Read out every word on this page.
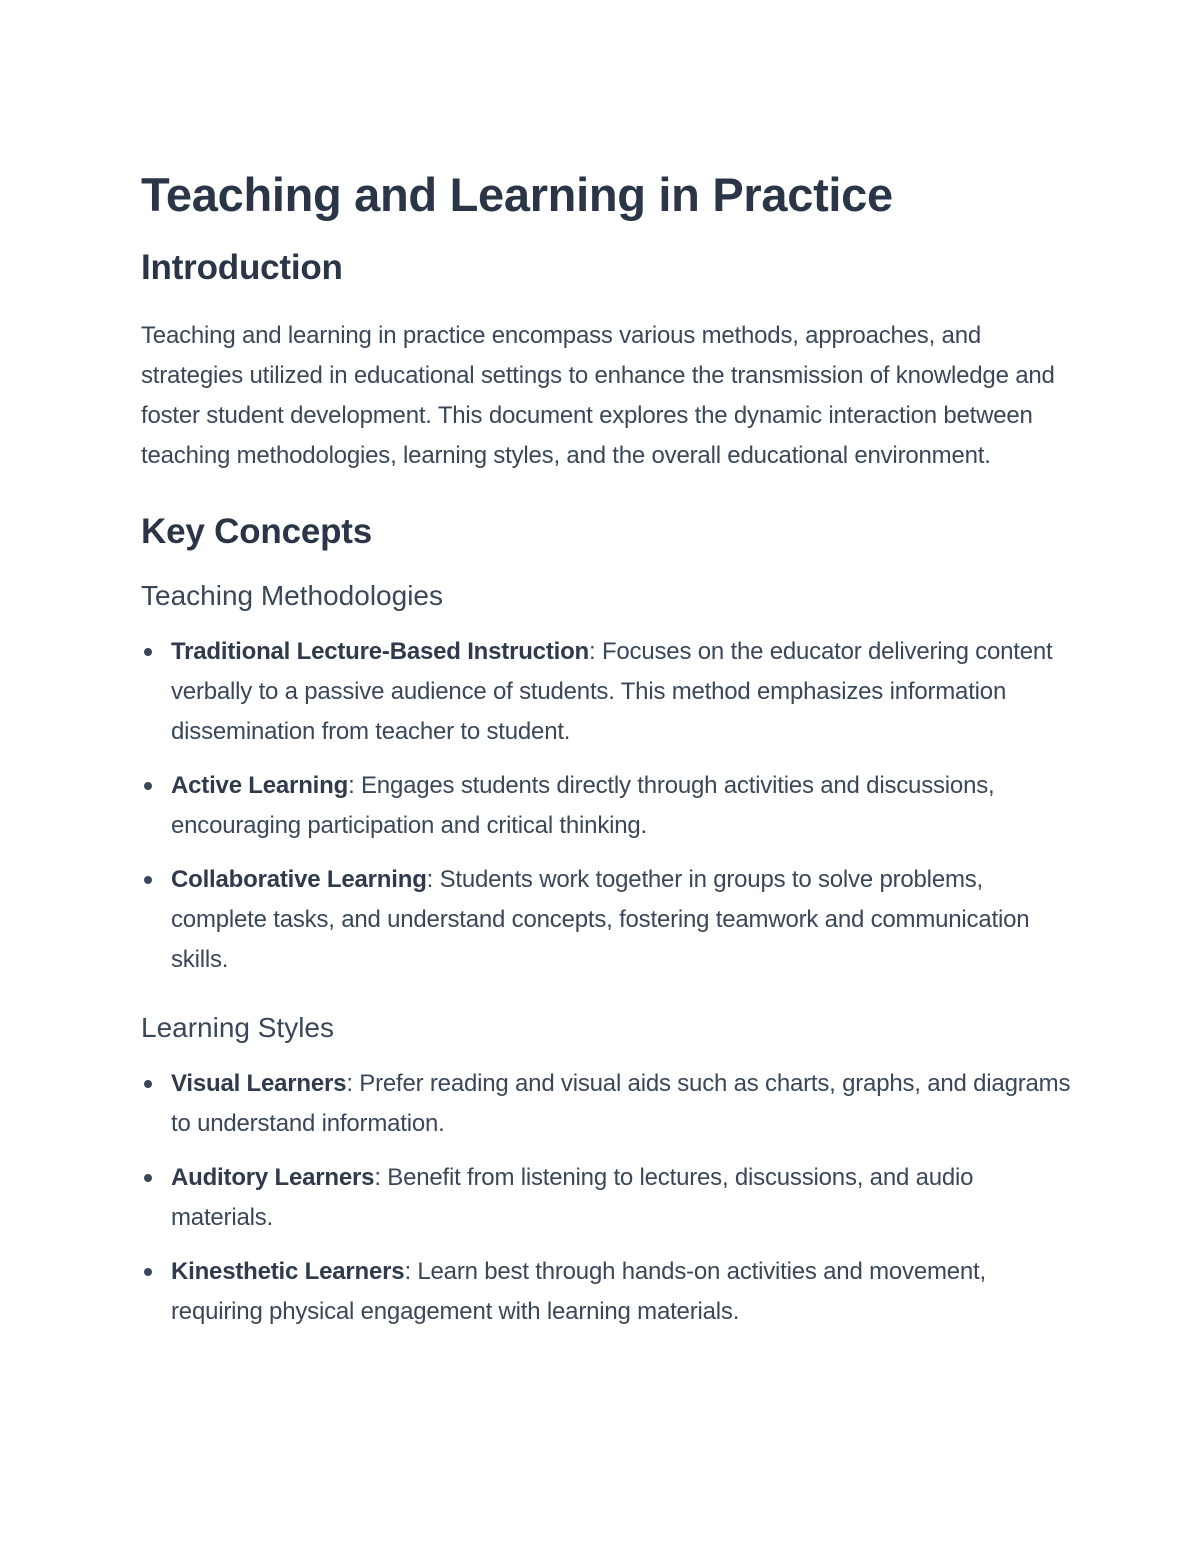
Teaching and Learning in Practice
Introduction

Teaching and learning in practice encompass various methods, approaches, and strategies utilized in educational settings to enhance the transmission of knowledge and foster student development. This document explores the dynamic interaction between teaching methodologies, learning styles, and the overall educational environment.

Key Concepts
Teaching Methodologies
Traditional Lecture-Based Instruction: Focuses on the educator delivering content verbally to a passive audience of students. This method emphasizes information dissemination from teacher to student.
Active Learning: Engages students directly through activities and discussions, encouraging participation and critical thinking.
Collaborative Learning: Students work together in groups to solve problems, complete tasks, and understand concepts, fostering teamwork and communication skills.
Learning Styles
Visual Learners: Prefer reading and visual aids such as charts, graphs, and diagrams to understand information.
Auditory Learners: Benefit from listening to lectures, discussions, and audio materials.
Kinesthetic Learners: Learn best through hands-on activities and movement, requiring physical engagement with learning materials.
